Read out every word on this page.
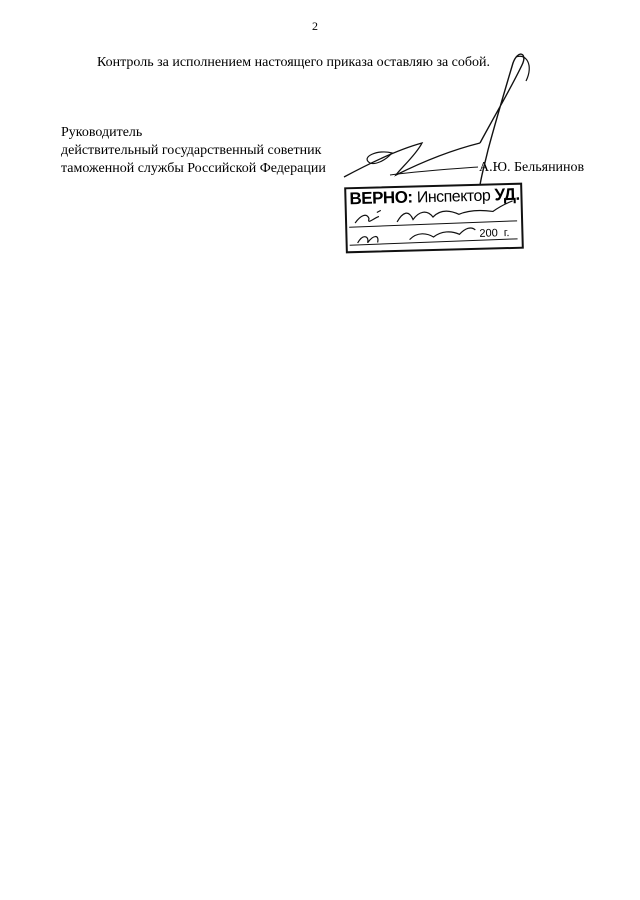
2
Контроль за исполнением настоящего приказа оставляю за собой.
Руководитель
действительный государственный советник
таможенной службы Российской Федерации	А.Ю. Бельянинов
ВЕРНО: Инспектор УД.
200 г.
